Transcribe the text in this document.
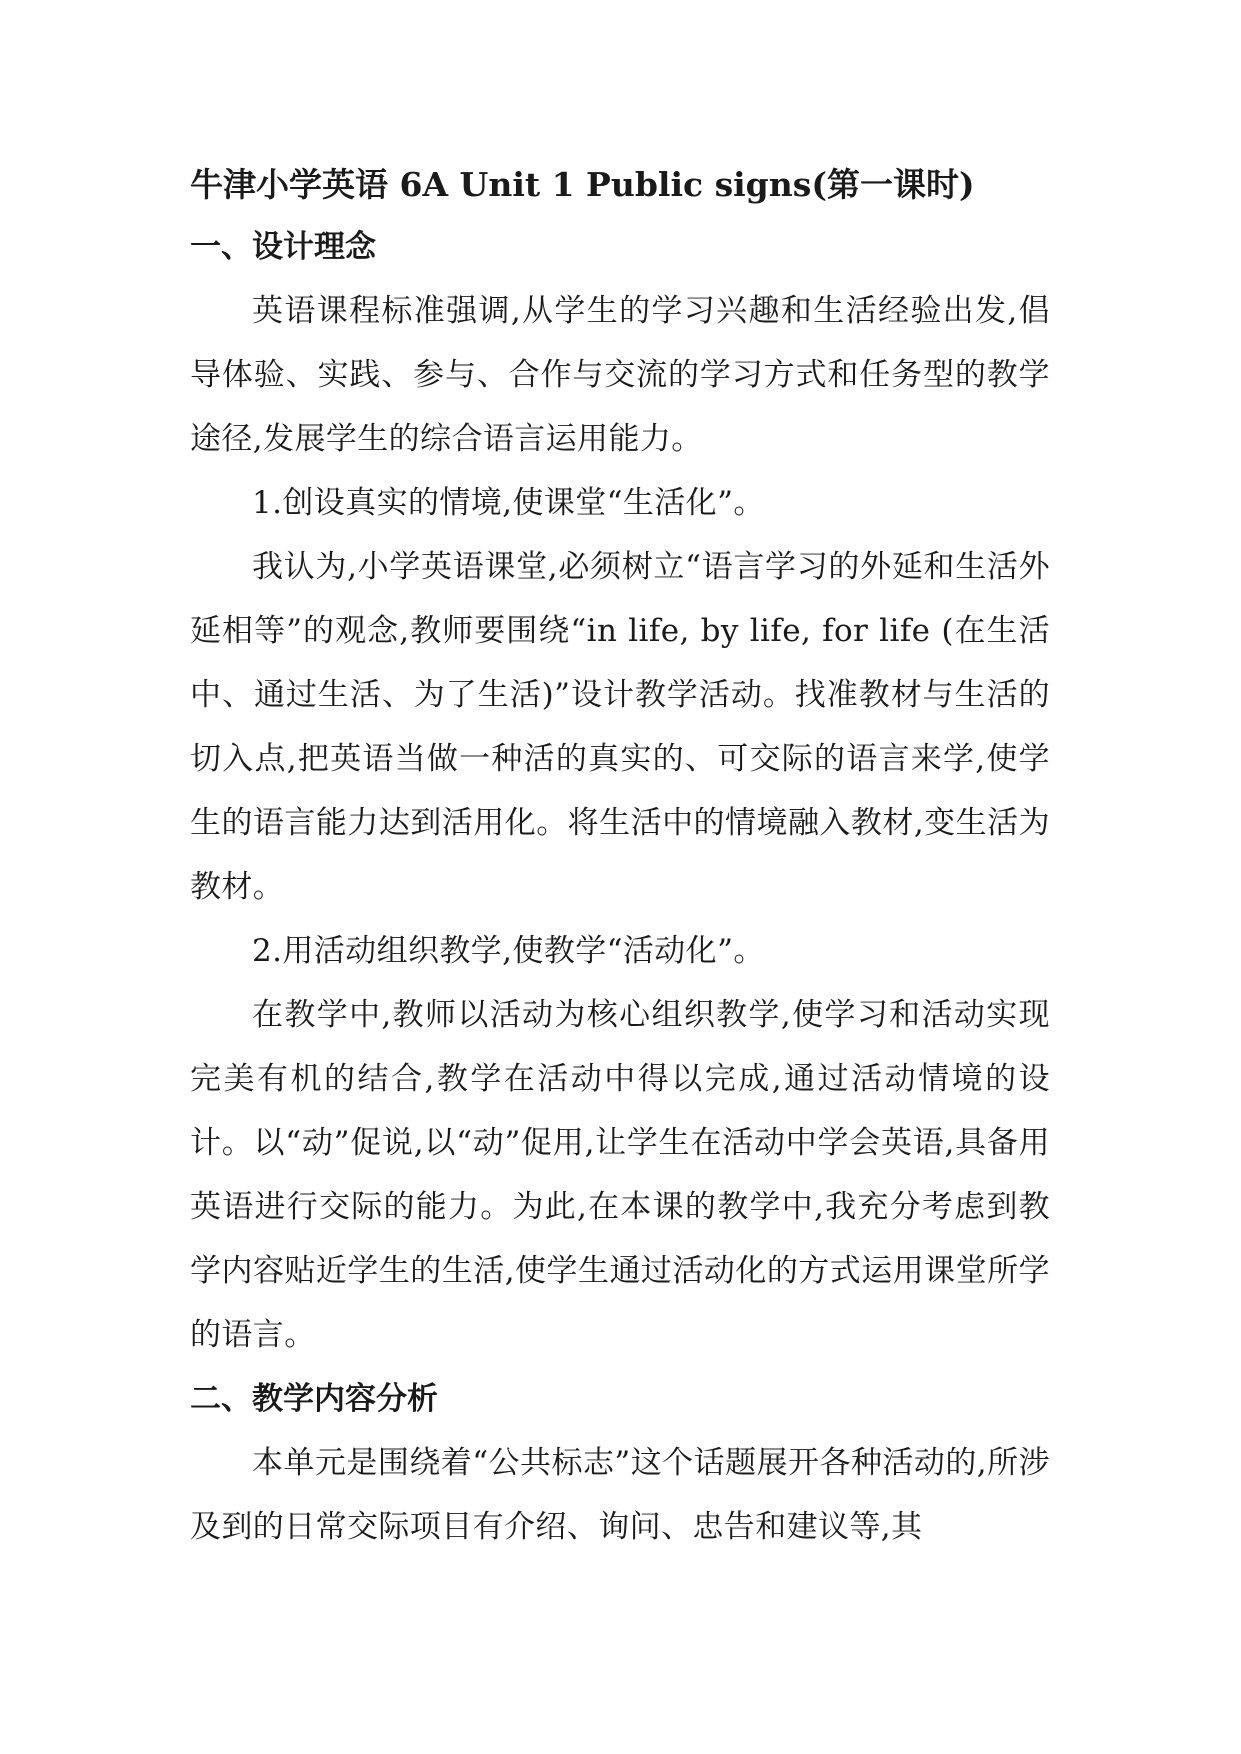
牛津小学英语 6A Unit 1 Public signs(第一课时)
一、设计理念

英语课程标准强调,从学生的学习兴趣和生活经验出发,倡导体验、实践、参与、合作与交流的学习方式和任务型的教学途径,发展学生的综合语言运用能力。

1.创设真实的情境,使课堂“生活化”。

我认为,小学英语课堂,必须树立“语言学习的外延和生活外延相等”的观念,教师要围绕“in life, by life, for life (在生活中、通过生活、为了生活)”设计教学活动。找准教材与生活的切入点,把英语当做一种活的真实的、可交际的语言来学,使学生的语言能力达到活用化。将生活中的情境融入教材,变生活为教材。

2.用活动组织教学,使教学“活动化”。

在教学中,教师以活动为核心组织教学,使学习和活动实现完美有机的结合,教学在活动中得以完成,通过活动情境的设计。以“动”促说,以“动”促用,让学生在活动中学会英语,具备用英语进行交际的能力。为此,在本课的教学中,我充分考虑到教学内容贴近学生的生活,使学生通过活动化的方式运用课堂所学的语言。

二、教学内容分析

本单元是围绕着“公共标志”这个话题展开各种活动的,所涉及到的日常交际项目有介绍、询问、忠告和建议等,其
